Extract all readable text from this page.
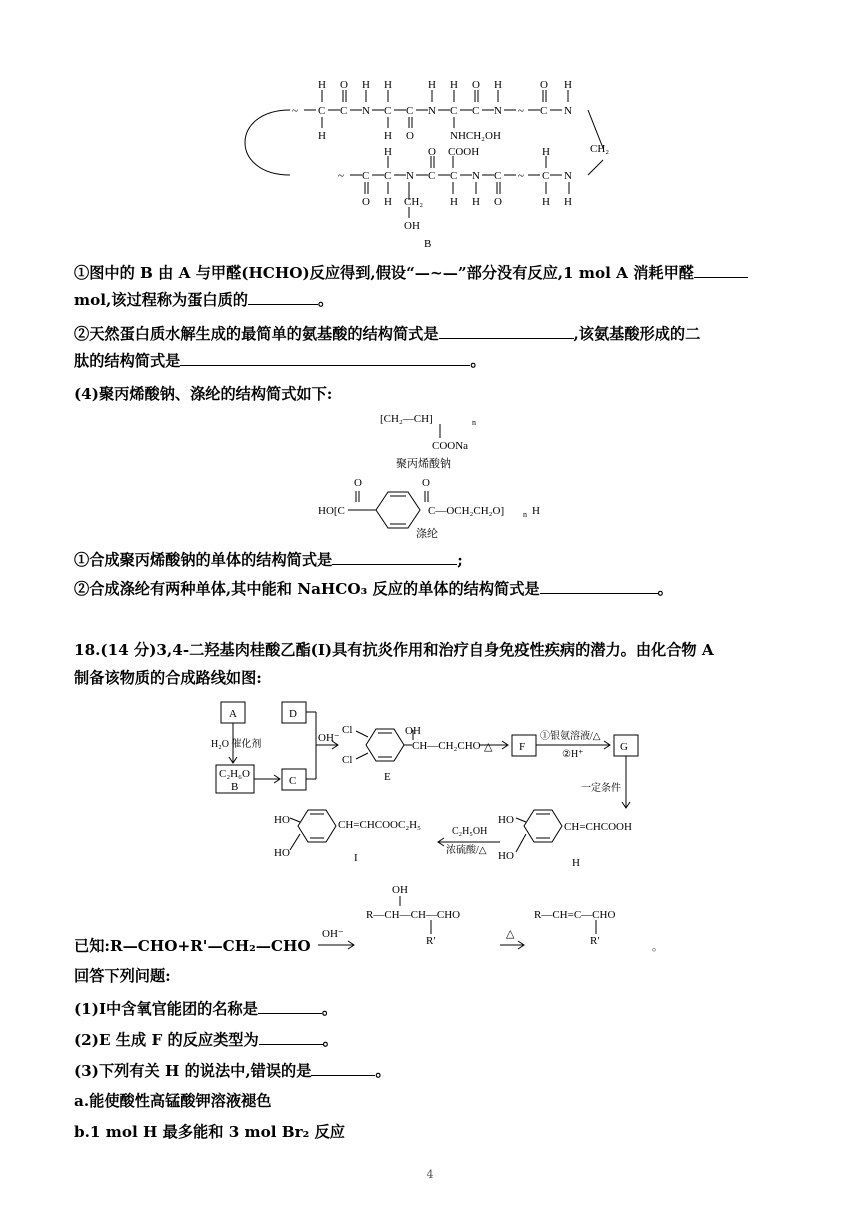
H O H H	H H O H	O H
~ C C N C C N C C N ~ C N
H	H O	NHCH₂OH
CH₂
H	O COOH	H
~ C C N C C N C ~ C N
O H CH₂ H H O	H H
OH
B
①图中的 B 由 A 与甲醛(HCHO)反应得到,假设“—~—”部分没有反应,1 mol A 消耗甲醛
mol,该过程称为蛋白质的	。
②天然蛋白质水解生成的最简单的氨基酸的结构简式是	,该氨基酸形成的二
肽的结构简式是	。
(4)聚丙烯酸钠、涤纶的结构简式如下:
[CH₂—CH]	n
COONa
聚丙烯酸钠
HO[C
O
C—OCH₂CH₂O] n H
O
涤纶
①合成聚丙烯酸钠的单体的结构简式是	;
②合成涤纶有两种单体,其中能和 NaHCO₃ 反应的单体的结构简式是	。
18.(14 分)3,4-二羟基肉桂酸乙酯(Ⅰ)具有抗炎作用和治疗自身免疫性疾病的潜力。由化合物 A
制备该物质的合成路线如图:
A	D
H₂O 催化剂
C₂H₆O
B	C
OH⁻
Cl
Cl
OH
CH—CH₂CHO
E
△ F
①银氨溶液/△
②H⁺
G
一定条件
HO
HO
CH=CHCOOH
H
C₂H₅OH
浓硫酸/△
HO
HO
CH=CHCOOC₂H₅
I
已知:R—CHO+R'—CH₂—CHO
OH⁻
OH
R—CH—CH—CHO
R′
△
R—CH=C—CHO
R′	。
回答下列问题:
(1)Ⅰ中含氧官能团的名称是	。
(2)E 生成 F 的反应类型为	。
(3)下列有关 H 的说法中,错误的是	。
a.能使酸性高锰酸钾溶液褪色
b.1 mol H 最多能和 3 mol Br₂ 反应
4
